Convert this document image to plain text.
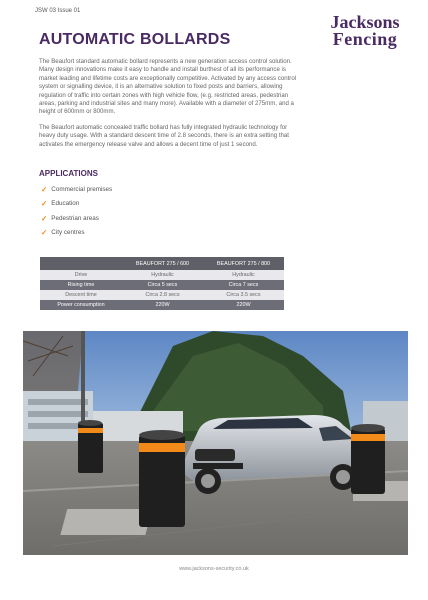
JSW 03 Issue 01
Jacksons
Fencing
AUTOMATIC BOLLARDS

The Beaufort standard automatic bollard represents a new generation access control solution. Many design innovations make it easy to handle and install burthest of all its performance is market leading and lifetime costs are exceptionally competitive. Activated by any access control system or signalling device, it is an alternative solution to fixed posts and barriers, allowing regulation of traffic into certain zones with high vehicle flow, (e.g. restricted areas, pedestrian areas, parking and industrial sites and many more). Available with a diameter of 275mm, and a height of 600mm or 800mm.

The Beaufort automatic concealed traffic bollard has fully integrated hydraulic technology for heavy duty usage. With a standard descent time of 2.8 seconds, there is an extra setting that activates the emergency release valve and allows a decent time of just 1 second.

APPLICATIONS
✓ Commercial premises
✓ Education
✓ Pedestrian areas
✓ City centres
	BEAUFORT 275 / 600	BEAUFORT 275 / 800
Drive	Hydraulic	Hydraulic
Rising time	Circa 5 secs	Circa 7 secs
Descent time	Circa 2.8 secs	Circa 3.5 secs
Power consumption	220W	220W
www.jacksons-security.co.uk
